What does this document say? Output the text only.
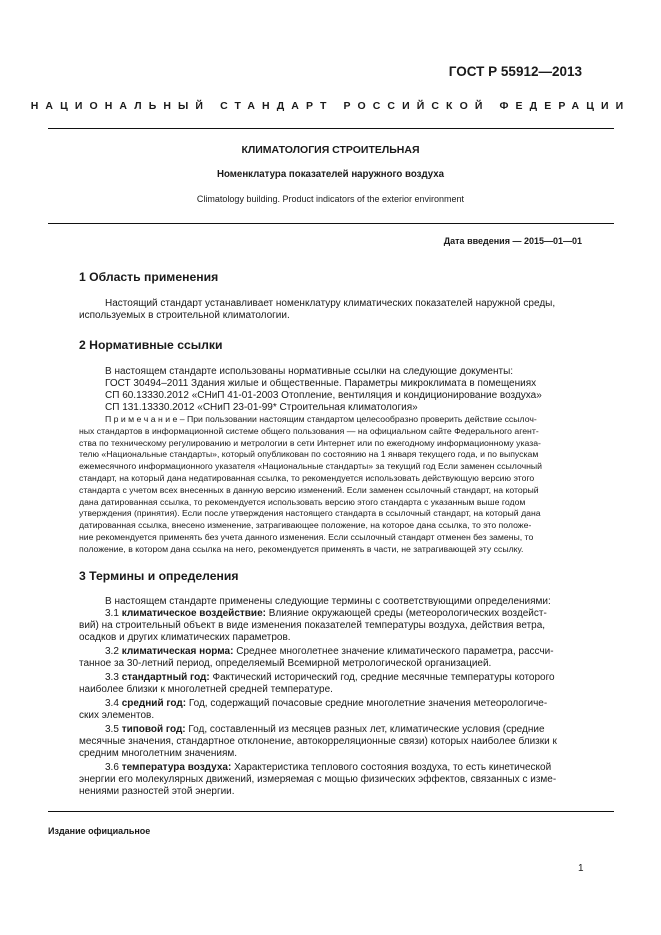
ГОСТ Р 55912—2013
НАЦИОНАЛЬНЫЙ СТАНДАРТ РОССИЙСКОЙ ФЕДЕРАЦИИ
КЛИМАТОЛОГИЯ СТРОИТЕЛЬНАЯ
Номенклатура показателей наружного воздуха
Climatology building. Product indicators of the exterior environment
Дата введения — 2015—01—01
1 Область применения
Настоящий стандарт устанавливает номенклатуру климатических показателей наружной среды,
используемых в строительной климатологии.
2 Нормативные ссылки
В настоящем стандарте использованы нормативные ссылки на следующие документы:
ГОСТ 30494–2011 Здания жилые и общественные. Параметры микроклимата в помещениях
СП 60.13330.2012 «СНиП 41-01-2003 Отопление, вентиляция и кондиционирование воздуха»
СП 131.13330.2012 «СНиП 23-01-99* Строительная климатология»
П р и м е ч а н и е – При пользовании настоящим стандартом целесообразно проверить действие ссылоч-
ных стандартов в информационной системе общего пользования — на официальном сайте Федерального агент-
ства по техническому регулированию и метрологии в сети Интернет или по ежегодному информационному указа-
телю «Национальные стандарты», который опубликован по состоянию на 1 января текущего года, и по выпускам
ежемесячного информационного указателя «Национальные стандарты» за текущий год Если заменен ссылочный
стандарт, на который дана недатированная ссылка, то рекомендуется использовать действующую версию этого
стандарта с учетом всех внесенных в данную версию изменений. Если заменен ссылочный стандарт, на который
дана датированная ссылка, то рекомендуется использовать версию этого стандарта с указанным выше годом
утверждения (принятия). Если после утверждения настоящего стандарта в ссылочный стандарт, на который дана
датированная ссылка, внесено изменение, затрагивающее положение, на которое дана ссылка, то это положе-
ние рекомендуется применять без учета данного изменения. Если ссылочный стандарт отменен без замены, то
положение, в котором дана ссылка на него, рекомендуется применять в части, не затрагивающей эту ссылку.
3 Термины и определения
В настоящем стандарте применены следующие термины с соответствующими определениями:
3.1 климатическое воздействие: Влияние окружающей среды (метеорологических воздейст-
вий) на строительный объект в виде изменения показателей температуры воздуха, действия ветра,
осадков и других климатических параметров.
3.2 климатическая норма: Среднее многолетнее значение климатического параметра, рассчи-
танное за 30-летний период, определяемый Всемирной метрологической организацией.
3.3 стандартный год: Фактический исторический год, средние месячные температуры которого
наиболее близки к многолетней средней температуре.
3.4 средний год: Год, содержащий почасовые средние многолетние значения метеорологиче-
ских элементов.
3.5 типовой год: Год, составленный из месяцев разных лет, климатические условия (средние
месячные значения, стандартное отклонение, автокорреляционные связи) которых наиболее близки к
средним многолетним значениям.
3.6 температура воздуха: Характеристика теплового состояния воздуха, то есть кинетической
энергии его молекулярных движений, измеряемая с мощью физических эффектов, связанных с изме-
нениями разностей этой энергии.
Издание официальное
1
